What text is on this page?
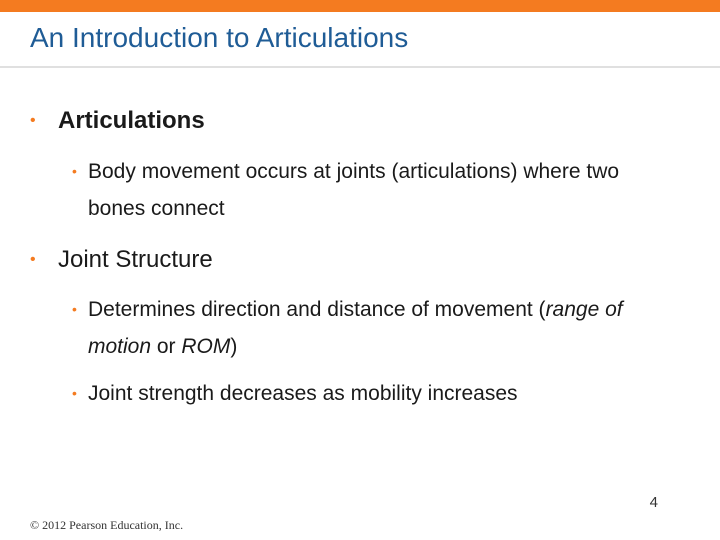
An Introduction to Articulations
• Articulations
• Body movement occurs at joints (articulations) where two bones connect
• Joint Structure
• Determines direction and distance of movement (range of motion or ROM)
• Joint strength decreases as mobility increases
4
© 2012 Pearson Education, Inc.
